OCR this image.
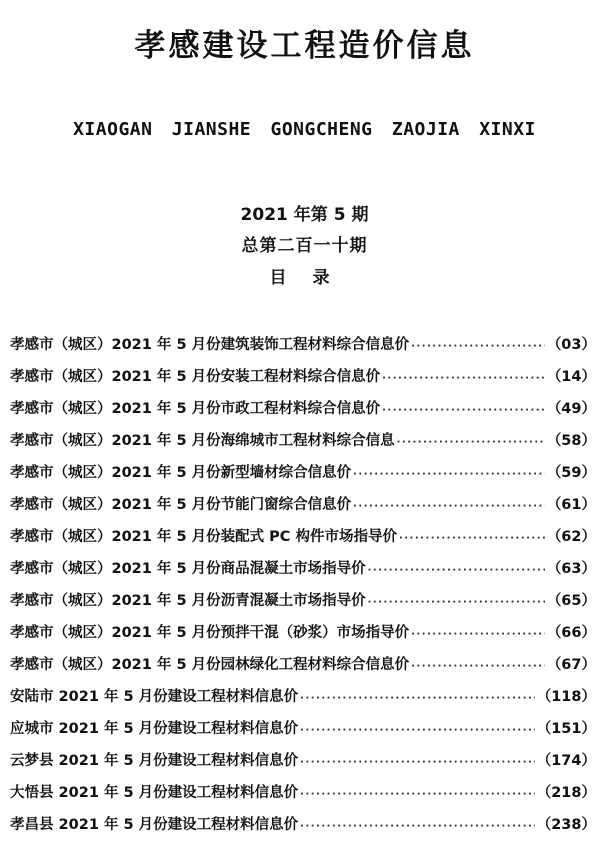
孝感建设工程造价信息
XIAOGAN JIANSHE GONGCHENG ZAOJIA XINXI
2021 年第 5 期
总第二百一十期
目 录
孝感市（城区）2021 年 5 月份建筑装饰工程材料综合信息价 ·····	（03）
孝感市（城区）2021 年 5 月份安装工程材料综合信息价 ·····	（14）
孝感市（城区）2021 年 5 月份市政工程材料综合信息价 ·····	（49）
孝感市（城区）2021 年 5 月份海绵城市工程材料综合信息 ·····	（58）
孝感市（城区）2021 年 5 月份新型墙材综合信息价 ·····	（59）
孝感市（城区）2021 年 5 月份节能门窗综合信息价 ·····	（61）
孝感市（城区）2021 年 5 月份装配式 PC 构件市场指导价 ·····	（62）
孝感市（城区）2021 年 5 月份商品混凝土市场指导价 ·····	（63）
孝感市（城区）2021 年 5 月份沥青混凝土市场指导价 ·····	（65）
孝感市（城区）2021 年 5 月份预拌干混（砂浆）市场指导价 ·····	（66）
孝感市（城区）2021 年 5 月份园林绿化工程材料综合信息价 ·····	（67）
安陆市 2021 年 5 月份建设工程材料信息价 ·····	（118）
应城市 2021 年 5 月份建设工程材料信息价 ·····	（151）
云梦县 2021 年 5 月份建设工程材料信息价 ·····	（174）
大悟县 2021 年 5 月份建设工程材料信息价 ·····	（218）
孝昌县 2021 年 5 月份建设工程材料信息价 ·····	（238）
